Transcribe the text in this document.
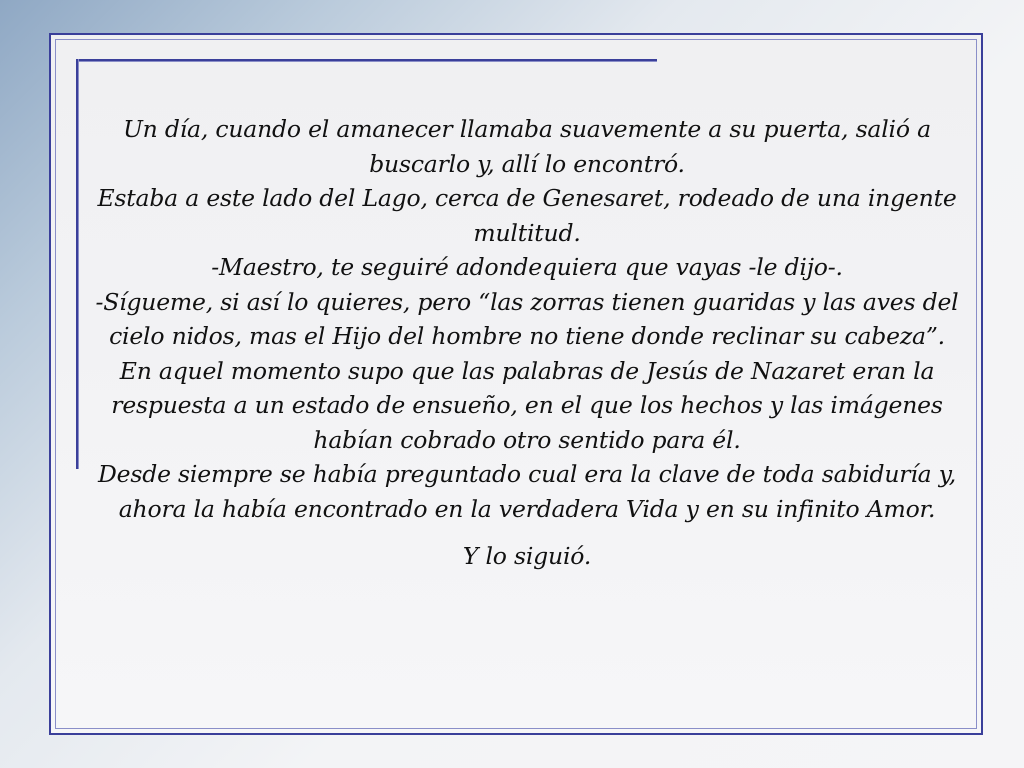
Un día, cuando el amanecer llamaba suavemente a su puerta, salió a buscarlo y, allí lo encontró.

Estaba a este lado del Lago, cerca de Genesaret, rodeado de una ingente multitud.

-Maestro, te seguiré adondequiera que vayas -le dijo-.

-Sígueme, si así lo quieres, pero “las zorras tienen guaridas y las aves del cielo nidos, mas el Hijo del hombre no tiene donde reclinar su cabeza”.

En aquel momento supo que las palabras de Jesús de Nazaret eran la respuesta a un estado de ensueño, en el que los hechos y las imágenes habían cobrado otro sentido para él.

Desde siempre se había preguntado cual era la clave de toda sabiduría y, ahora la había encontrado en la verdadera Vida y en su infinito Amor.

Y lo siguió.
